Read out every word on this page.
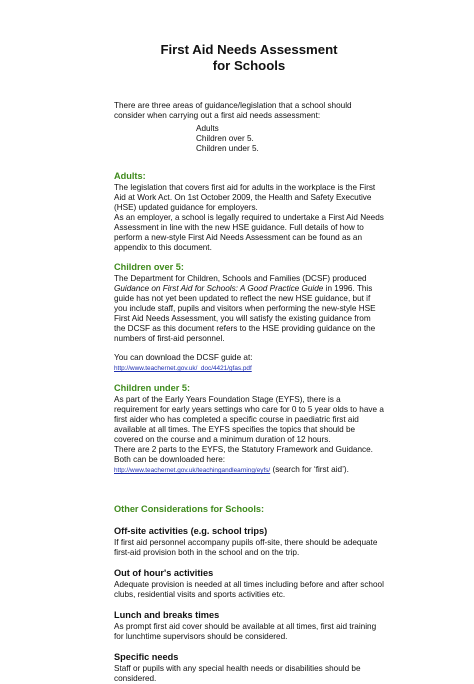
First Aid Needs Assessment
for Schools

There are three areas of guidance/legislation that a school should consider when carrying out a first aid needs assessment:

Adults
Children over 5.
Children under 5.
Adults:

The legislation that covers first aid for adults in the workplace is the First Aid at Work Act. On 1st October 2009, the Health and Safety Executive (HSE) updated guidance for employers.

As an employer, a school is legally required to undertake a First Aid Needs Assessment in line with the new HSE guidance. Full details of how to perform a new-style First Aid Needs Assessment can be found as an appendix to this document.

Children over 5:

The Department for Children, Schools and Families (DCSF) produced Guidance on First Aid for Schools: A Good Practice Guide in 1996. This guide has not yet been updated to reflect the new HSE guidance, but if you include staff, pupils and visitors when performing the new-style HSE First Aid Needs Assessment, you will satisfy the existing guidance from the DCSF as this document refers to the HSE providing guidance on the numbers of first-aid personnel.

You can download the DCSF guide at: http://www.teachernet.gov.uk/_doc/4421/gfas.pdf

Children under 5:

As part of the Early Years Foundation Stage (EYFS), there is a requirement for early years settings who care for 0 to 5 year olds to have a first aider who has completed a specific course in paediatric first aid available at all times. The EYFS specifies the topics that should be covered on the course and a minimum duration of 12 hours.

There are 2 parts to the EYFS, the Statutory Framework and Guidance. Both can be downloaded here:

http://www.teachernet.gov.uk/teachingandlearning/eyfs/ (search for ‘first aid’).

Other Considerations for Schools:
Off-site activities (e.g. school trips)

If first aid personnel accompany pupils off-site, there should be adequate first-aid provision both in the school and on the trip.

Out of hour's activities

Adequate provision is needed at all times including before and after school clubs, residential visits and sports activities etc.

Lunch and breaks times

As prompt first aid cover should be available at all times, first aid training for lunchtime supervisors should be considered.

Specific needs

Staff or pupils with any special health needs or disabilities should be considered.
